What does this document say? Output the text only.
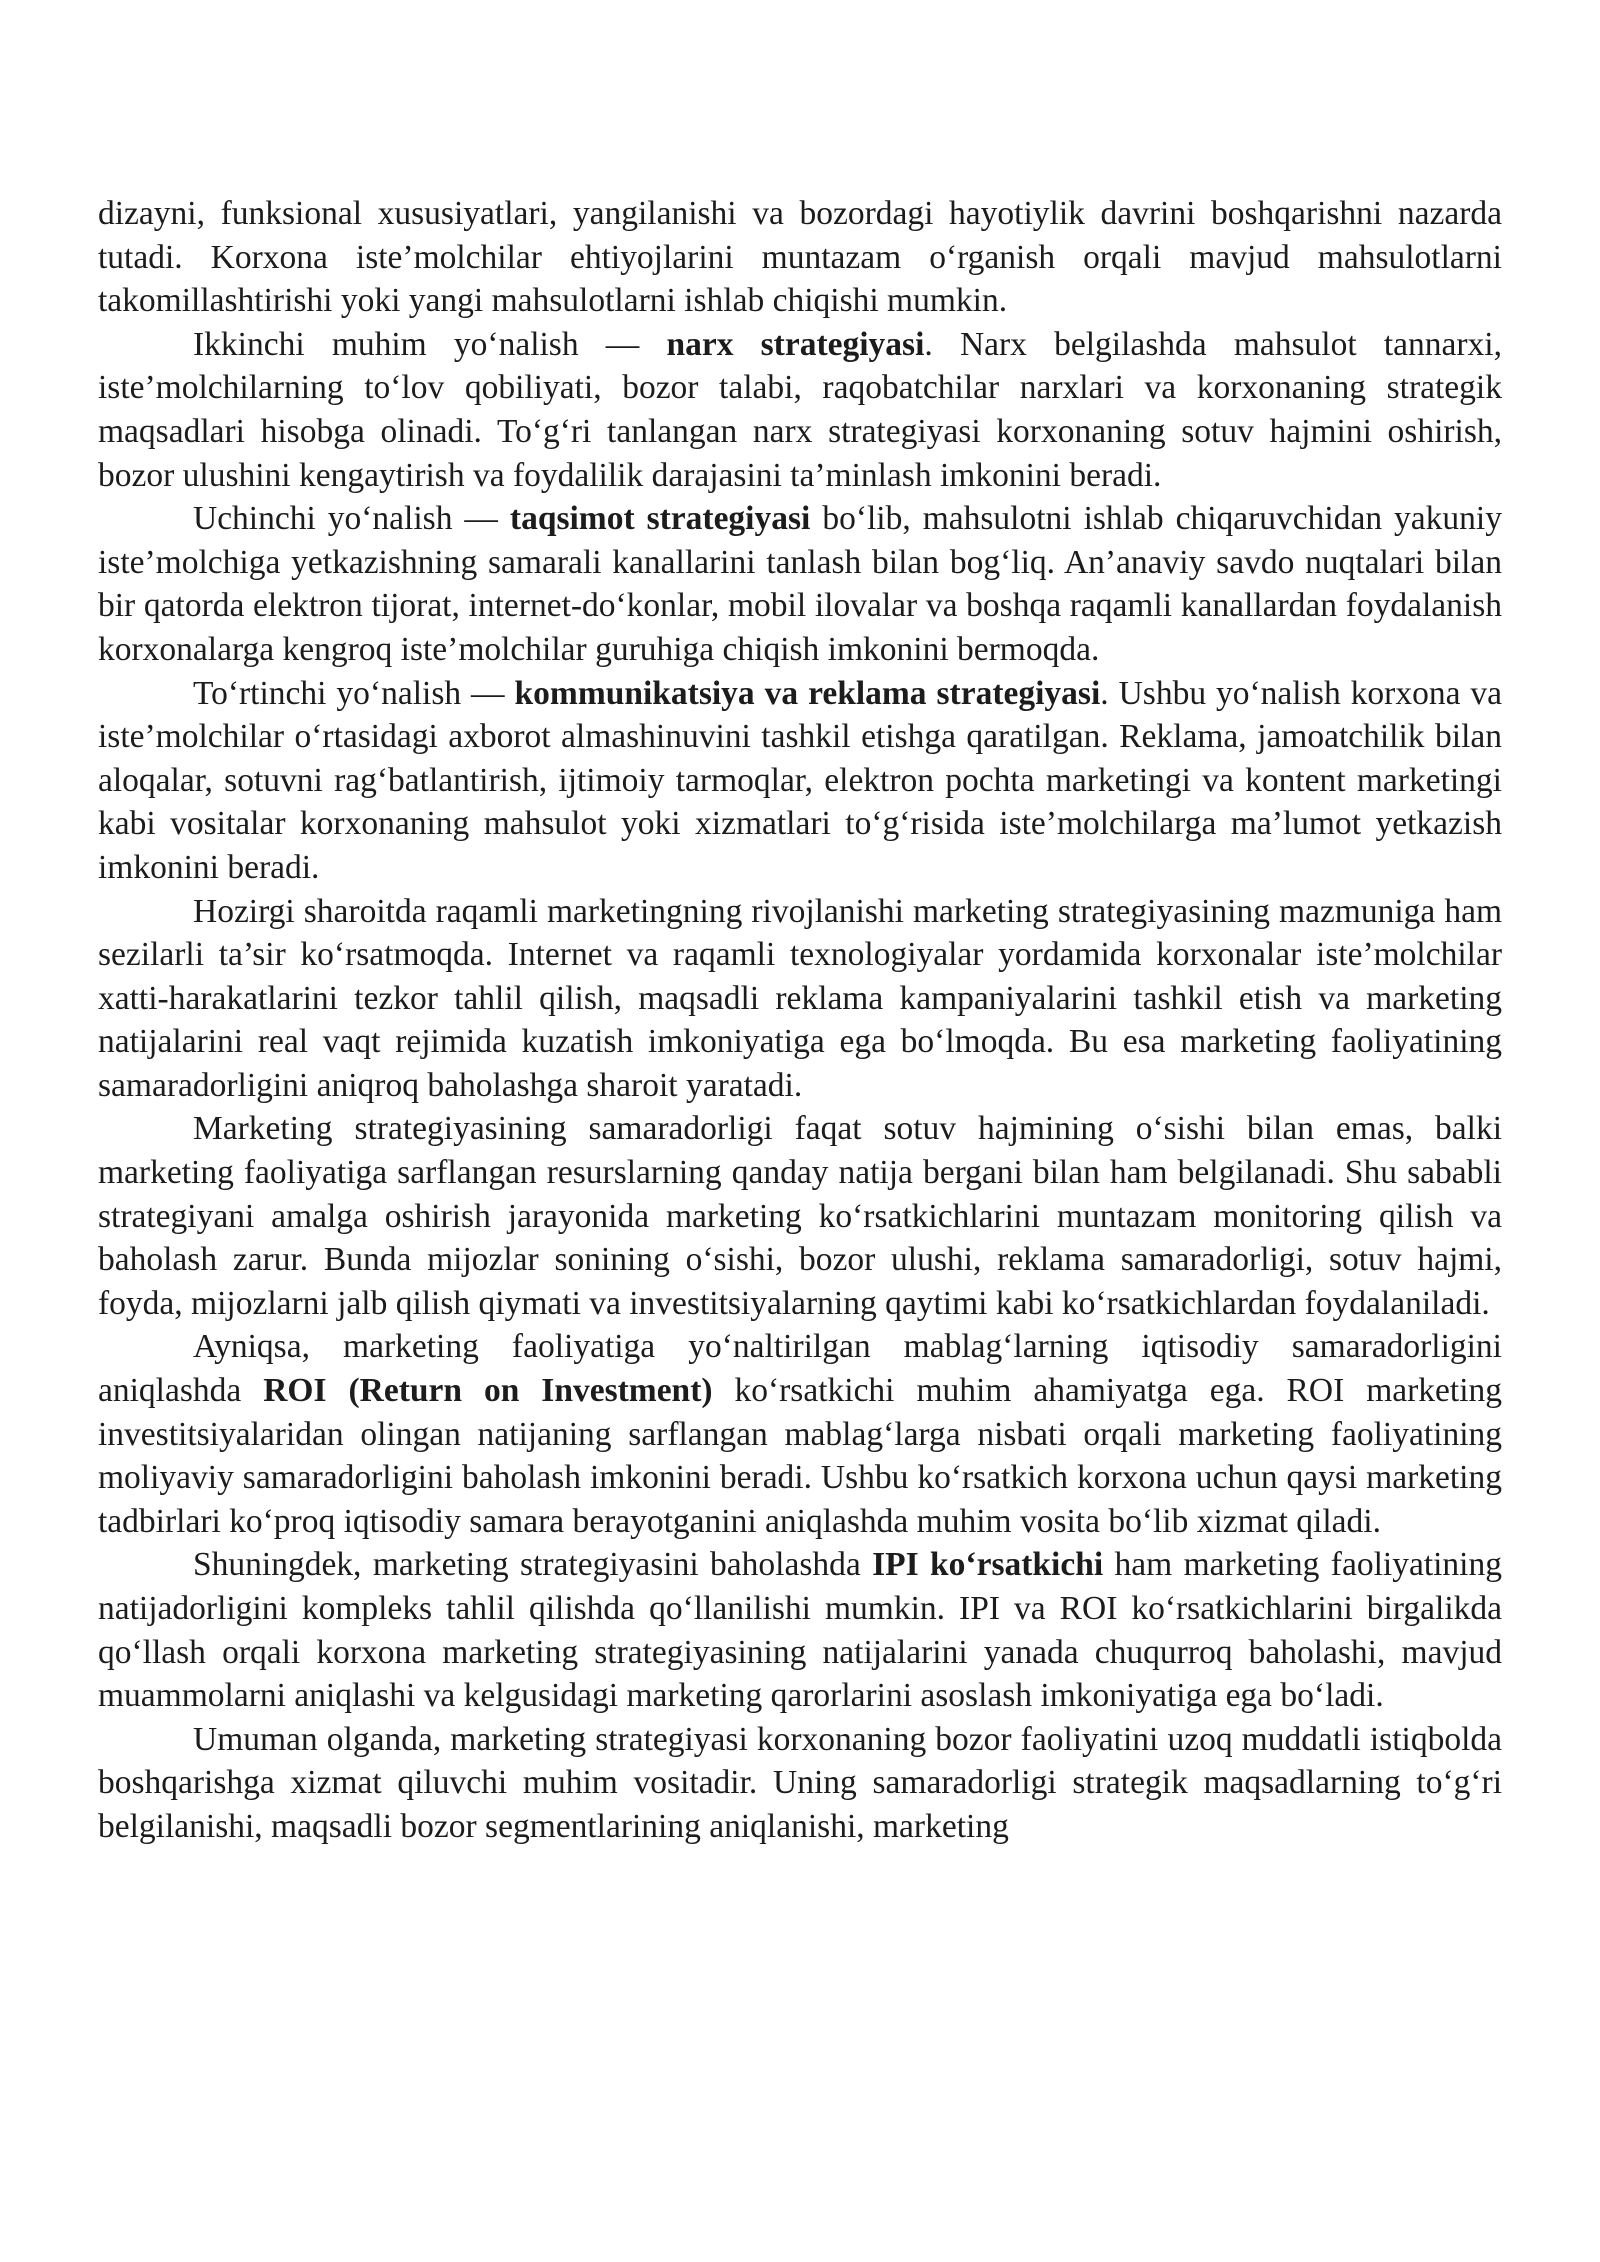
dizayni, funksional xususiyatlari, yangilanishi va bozordagi hayotiylik davrini boshqarishni nazarda tutadi. Korxona iste’molchilar ehtiyojlarini muntazam o‘rganish orqali mavjud mahsulotlarni takomillashtirishi yoki yangi mahsulotlarni ishlab chiqishi mumkin.

Ikkinchi muhim yo‘nalish — narx strategiyasi. Narx belgilashda mahsulot tannarxi, iste’molchilarning to‘lov qobiliyati, bozor talabi, raqobatchilar narxlari va korxonaning strategik maqsadlari hisobga olinadi. To‘g‘ri tanlangan narx strategiyasi korxonaning sotuv hajmini oshirish, bozor ulushini kengaytirish va foydalilik darajasini ta’minlash imkonini beradi.

Uchinchi yo‘nalish — taqsimot strategiyasi bo‘lib, mahsulotni ishlab chiqaruvchidan yakuniy iste’molchiga yetkazishning samarali kanallarini tanlash bilan bog‘liq. An’anaviy savdo nuqtalari bilan bir qatorda elektron tijorat, internet-do‘konlar, mobil ilovalar va boshqa raqamli kanallardan foydalanish korxonalarga kengroq iste’molchilar guruhiga chiqish imkonini bermoqda.

To‘rtinchi yo‘nalish — kommunikatsiya va reklama strategiyasi. Ushbu yo‘nalish korxona va iste’molchilar o‘rtasidagi axborot almashinuvini tashkil etishga qaratilgan. Reklama, jamoatchilik bilan aloqalar, sotuvni rag‘batlantirish, ijtimoiy tarmoqlar, elektron pochta marketingi va kontent marketingi kabi vositalar korxonaning mahsulot yoki xizmatlari to‘g‘risida iste’molchilarga ma’lumot yetkazish imkonini beradi.

Hozirgi sharoitda raqamli marketingning rivojlanishi marketing strategiyasining mazmuniga ham sezilarli ta’sir ko‘rsatmoqda. Internet va raqamli texnologiyalar yordamida korxonalar iste’molchilar xatti-harakatlarini tezkor tahlil qilish, maqsadli reklama kampaniyalarini tashkil etish va marketing natijalarini real vaqt rejimida kuzatish imkoniyatiga ega bo‘lmoqda. Bu esa marketing faoliyatining samaradorligini aniqroq baholashga sharoit yaratadi.

Marketing strategiyasining samaradorligi faqat sotuv hajmining o‘sishi bilan emas, balki marketing faoliyatiga sarflangan resurslarning qanday natija bergani bilan ham belgilanadi. Shu sababli strategiyani amalga oshirish jarayonida marketing ko‘rsatkichlarini muntazam monitoring qilish va baholash zarur. Bunda mijozlar sonining o‘sishi, bozor ulushi, reklama samaradorligi, sotuv hajmi, foyda, mijozlarni jalb qilish qiymati va investitsiyalarning qaytimi kabi ko‘rsatkichlardan foydalaniladi.

Ayniqsa, marketing faoliyatiga yo‘naltirilgan mablag‘larning iqtisodiy samaradorligini aniqlashda ROI (Return on Investment) ko‘rsatkichi muhim ahamiyatga ega. ROI marketing investitsiyalaridan olingan natijaning sarflangan mablag‘larga nisbati orqali marketing faoliyatining moliyaviy samaradorligini baholash imkonini beradi. Ushbu ko‘rsatkich korxona uchun qaysi marketing tadbirlari ko‘proq iqtisodiy samara berayotganini aniqlashda muhim vosita bo‘lib xizmat qiladi.

Shuningdek, marketing strategiyasini baholashda IPI ko‘rsatkichi ham marketing faoliyatining natijadorligini kompleks tahlil qilishda qo‘llanilishi mumkin. IPI va ROI ko‘rsatkichlarini birgalikda qo‘llash orqali korxona marketing strategiyasining natijalarini yanada chuqurroq baholashi, mavjud muammolarni aniqlashi va kelgusidagi marketing qarorlarini asoslash imkoniyatiga ega bo‘ladi.

Umuman olganda, marketing strategiyasi korxonaning bozor faoliyatini uzoq muddatli istiqbolda boshqarishga xizmat qiluvchi muhim vositadir. Uning samaradorligi strategik maqsadlarning to‘g‘ri belgilanishi, maqsadli bozor segmentlarining aniqlanishi, marketing
